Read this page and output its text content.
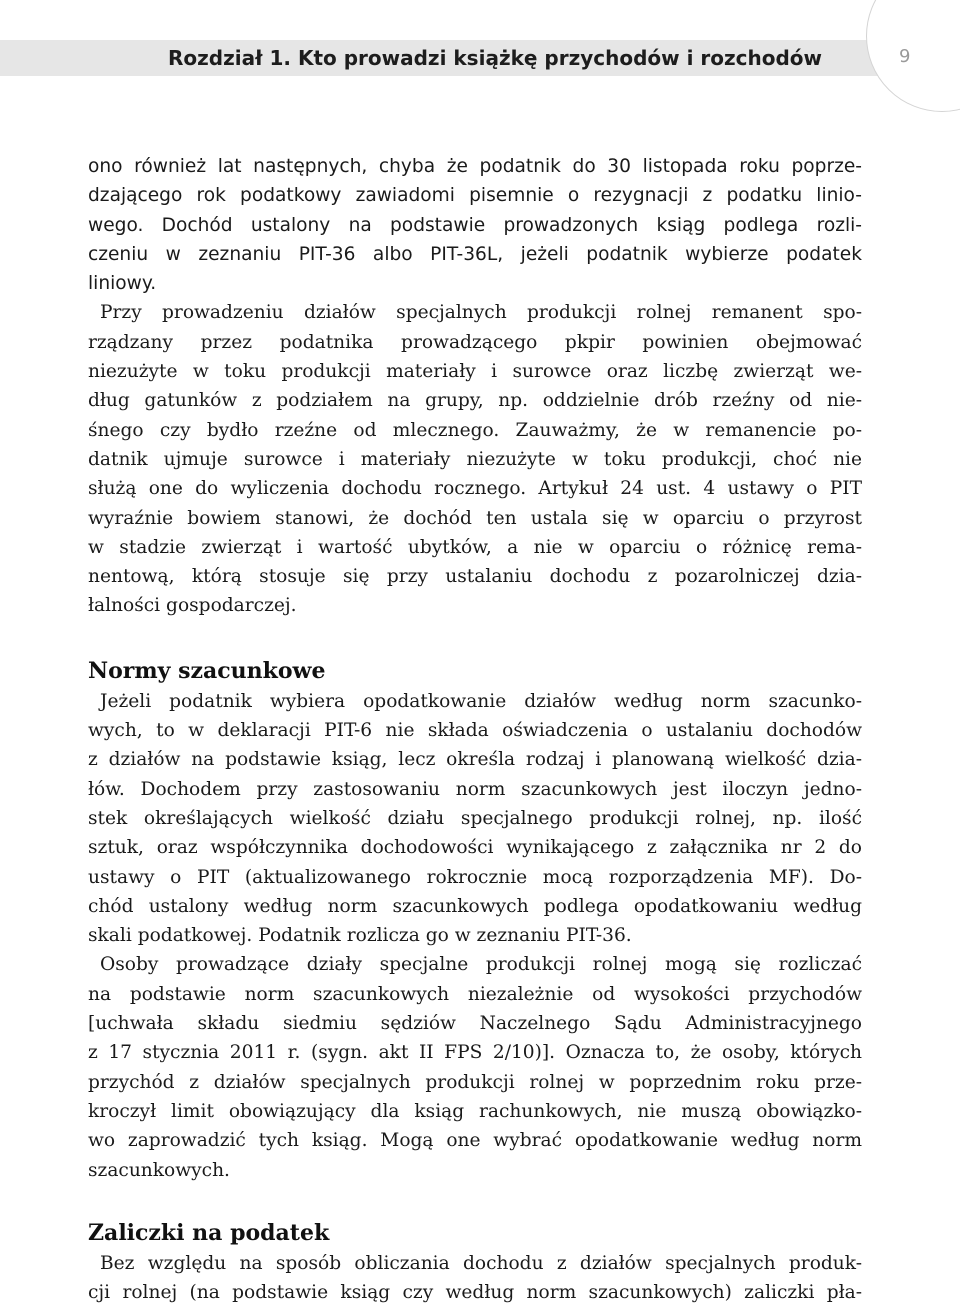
Rozdział 1. Kto prowadzi książkę przychodów i rozchodów	9
ono również lat następnych, chyba że podatnik do 30 listopada roku poprze-
dzającego rok podatkowy zawiadomi pisemnie o rezygnacji z podatku linio-
wego. Dochód ustalony na podstawie prowadzonych ksiąg podlega rozli-
czeniu w zeznaniu PIT-36 albo PIT-36L, jeżeli podatnik wybierze podatek
liniowy.
Przy prowadzeniu działów specjalnych produkcji rolnej remanent spo-
rządzany przez podatnika prowadzącego pkpir powinien obejmować
niezużyte w toku produkcji materiały i surowce oraz liczbę zwierząt we-
dług gatunków z podziałem na grupy, np. oddzielnie drób rzeźny od nie-
śnego czy bydło rzeźne od mlecznego. Zauważmy, że w remanencie po-
datnik ujmuje surowce i materiały niezużyte w toku produkcji, choć nie
służą one do wyliczenia dochodu rocznego. Artykuł 24 ust. 4 ustawy o PIT
wyraźnie bowiem stanowi, że dochód ten ustala się w oparciu o przyrost
w stadzie zwierząt i wartość ubytków, a nie w oparciu o różnicę rema-
nentową, którą stosuje się przy ustalaniu dochodu z pozarolniczej dzia-
łalności gospodarczej.
Normy szacunkowe
Jeżeli podatnik wybiera opodatkowanie działów według norm szacunko-
wych, to w deklaracji PIT-6 nie składa oświadczenia o ustalaniu dochodów
z działów na podstawie ksiąg, lecz określa rodzaj i planowaną wielkość dzia-
łów. Dochodem przy zastosowaniu norm szacunkowych jest iloczyn jedno-
stek określających wielkość działu specjalnego produkcji rolnej, np. ilość
sztuk, oraz współczynnika dochodowości wynikającego z załącznika nr 2 do
ustawy o PIT (aktualizowanego rokrocznie mocą rozporządzenia MF). Do-
chód ustalony według norm szacunkowych podlega opodatkowaniu według
skali podatkowej. Podatnik rozlicza go w zeznaniu PIT-36.
Osoby prowadzące działy specjalne produkcji rolnej mogą się rozliczać
na podstawie norm szacunkowych niezależnie od wysokości przychodów
[uchwała składu siedmiu sędziów Naczelnego Sądu Administracyjnego
z 17 stycznia 2011 r. (sygn. akt II FPS 2/10)]. Oznacza to, że osoby, których
przychód z działów specjalnych produkcji rolnej w poprzednim roku prze-
kroczył limit obowiązujący dla ksiąg rachunkowych, nie muszą obowiązko-
wo zaprowadzić tych ksiąg. Mogą one wybrać opodatkowanie według norm
szacunkowych.
Zaliczki na podatek
Bez względu na sposób obliczania dochodu z działów specjalnych produk-
cji rolnej (na podstawie ksiąg czy według norm szacunkowych) zaliczki pła-
